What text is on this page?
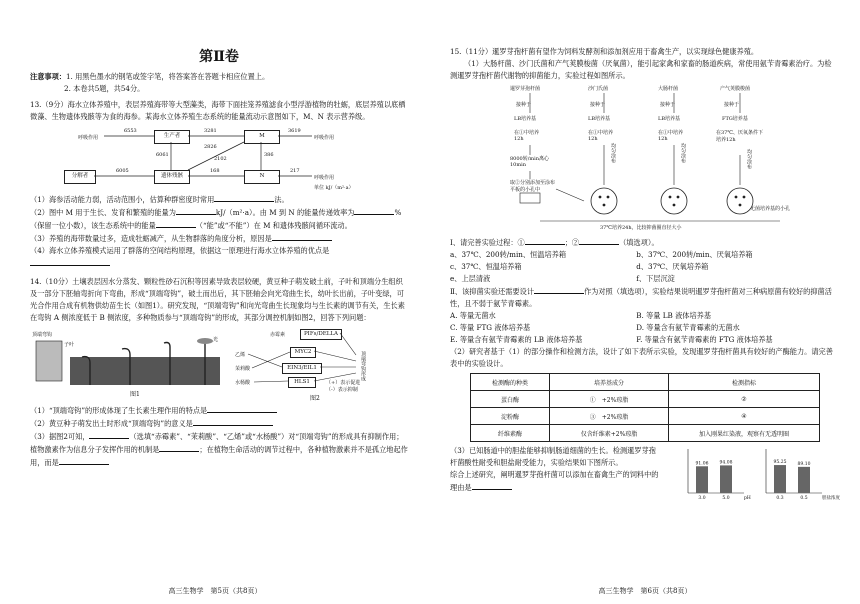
第Ⅱ卷

注意事项：1. 用黑色墨水的钢笔或签字笔，将答案答在答题卡相应位置上。

2. 本卷共5题，共54分。

13.（9分）海水立体养殖中，表层养殖海带等大型藻类，海带下面挂笼养殖滤食小型浮游植物的牡蛎，底层养殖以底栖微藻、生物遗体残骸等为食的海参。某海水立体养殖生态系统的能量流动示意图如下，M、N 表示营养级。

呼吸作用	生产者	M
N
遗体残骸
分解者
呼吸作用
呼吸作用
6553	3281	3619
2826
6061
2102
386
6005	168	217
单位 kJ/（m²·a）

（1）海参活动能力弱，活动范围小，估算种群密度时常用	法。

（2）图中 M 用于生长、发育和繁殖的能量为	kJ/（m²·a）。由 M 到 N 的能量传递效率为	%（保留一位小数），该生态系统中的能量	（“能”或“不能”）在 M 和遗体残骸间循环流动。

（3）养殖的海带数量过多，造成牡蛎减产，从生物群落的角度分析，原因是

（4）海水立体养殖模式运用了群落的空间结构原理，依据这一原理进行海水立体养殖的优点是

14.（10分）土壤表层因水分蒸发、颗粒性砂石沉积等因素导致表层较硬，黄豆种子萌发破土前，子叶和顶端分生组织及一部分下胚轴弯折向下弯曲，形成“顶端弯钩”，破土而出后，其下胚轴会向光弯曲生长，幼叶长出前，子叶变绿，可光合作用合成有机物供幼苗生长（如图1）。研究发现，“顶端弯钩”和向光弯曲生长现象均与生长素的调节有关，生长素在弯钩 A 侧浓度低于 B 侧浓度，多种物质参与“顶端弯钩”的形成，其部分调控机制如图2，回答下列问题：

光
顶端弯钩
子叶
图1
乙烯
茉莉酸
水杨酸
赤霉素	PIFs/DELLA
MYC2
EIN3/EIL1
HLS1
顶端弯钩形成
（+）表示促进
（-）表示抑制
图2

（1）“顶端弯钩”的形成体现了生长素生理作用的特点是

（2）黄豆种子萌发出土时形成“顶端弯钩”的意义是

（3）据图2可知，	（选填“赤霉素”、“茉莉酸”、“乙烯”或“水杨酸”）对“顶端弯钩”的形成具有抑制作用；植物激素作为信息分子发挥作用的机制是	；在植物生命活动的调节过程中，各种植物激素并不是孤立地起作用，而是

高三生物学　第5页（共8页）

15.（11分）暹罗芽孢杆菌有望作为饲料发酵剂和添加剂应用于畜禽生产，以实现绿色健康养殖。

（1）大肠杆菌、沙门氏菌和产气荚膜梭菌（厌氧菌），能引起家禽和家畜的肠道疾病，常使用氨苄青霉素治疗。为检测暹罗芽孢杆菌代谢物的抑菌能力，实验过程如图所示。

暹罗芽孢杆菌	沙门氏菌	大肠杆菌	产气荚膜梭菌
接种于	接种于	接种于	接种于
LB培养基	LB培养基	LB培养基	FTG培养基
在①中培养12h
在①中培养12h
在①中培养12h
在37℃、厌氧条件下培养12h
8000转/min离心10min
取②分别添加至涂布平板的小孔中
均匀涂布	均匀涂布	均匀涂布
无菌培养基的小孔
37℃培养24h，比较抑菌圈直径大小

Ⅰ、请完善实验过程：①	；②	（填选项）。

a、37℃、200转/min、恒温培养箱	b、37℃、200转/min、厌氧培养箱

c、37℃、恒温培养箱	d、37℃、厌氧培养箱

e、上层清液	f、下层沉淀

Ⅱ、该抑菌实验还需要设计	作为对照（填选项），实验结果说明暹罗芽孢杆菌对三种病原菌有较好的抑菌活性，且不弱于氨苄青霉素。

A. 等量无菌水	B. 等量 LB 液体培养基

C. 等量 FTG 液体培养基	D. 等量含有氨苄青霉素的无菌水

E. 等量含有氨苄青霉素的 LB 液体培养基	F. 等量含有氨苄青霉素的 FTG 液体培养基

（2）研究者基于（1）的部分操作和检测方法，设计了如下表所示实验，发现暹罗芽孢杆菌具有较好的产酶能力。请完善表中的实验设计。

检测酶的种类	培养基成分	检测指标
蛋白酶	①　+2%琼脂	②
淀粉酶	③　+2%琼脂	④
纤维素酶	仅含纤维素+2%琼脂	加入刚果红染液，观察有无透明圈

（3）已知肠道中的胆盐能够抑制肠道细菌的生长。检测暹罗芽孢杆菌酸性耐受和胆盐耐受能力，实验结果如下图所示。

综合上述研究，阐明暹罗芽孢杆菌可以添加在畜禽生产的饲料中的理由是

91.06
3.0
94.08
5.0	pH
95.25
0.3
89.10
0.5	胆盐浓度
高三生物学　第6页（共8页）
